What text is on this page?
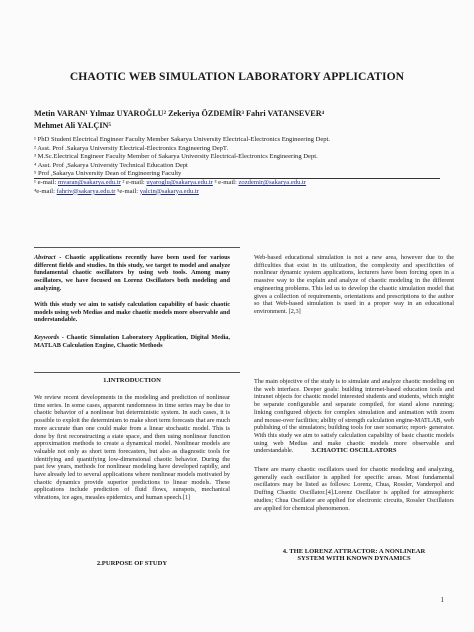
CHAOTIC WEB SIMULATION LABORATORY APPLICATION
Metin VARAN¹ Yılmaz UYAROĞLU² Zekeriya ÖZDEMİR³ Fahri VATANSEVER⁴
Mehmet Ali YALÇIN⁵
¹ PhD Student Electrical Engineer Faculty Member Sakarya University Electrical-Electronics Engineering Dept.
² Asst. Prof .Sakarya University Electrical-Electronics Engineering DepT.
³ M.Sc.Electrical Engineer Faculty Member of Sakarya University Electrical-Electronics Engineering Dept.
⁴ Asst. Prof ,Sakarya University Technical Education Dept
⁵ Prof ,Sakarya University Dean of Engineering Faculty
¹ e-mail: mvaran@sakarya.edu.tr ² e-mail: uyaroglu@sakarya.edu.tr ³ e-mail: zozdemir@sakarya.edu.tr
⁴e-mail: fahriv@sakarya.edu.tr ⁵e-mail: yalcin@sakarya.edu.tr
Abstract - Chaotic applications recently have been used for various different fields and studies. In this study, we target to model and analyze fundamental chaotic oscillators by using web tools. Among many oscillators, we have focused on Lorenz Oscillators both modeling and analyzing.
With this study we aim to satisfy calculation capability of basic chaotic models using web Medias and make chaotic models more observable and understandable.
Keywords - Chaotic Simulation Laboratory Application, Digital Media, MATLAB Calculation Engine, Chaotic Methods
1.INTRODUCTION
We review recent developments in the modeling and prediction of nonlinear time series. In some cases, apparent randomness in time series may be due to chaotic behavior of a nonlinear but deterministic system. In such cases, it is possible to exploit the determinism to make short term forecasts that are much more accurate than one could make from a linear stochastic model. This is done by first reconstructing a state space, and then using nonlinear function approximation methods to create a dynamical model. Nonlinear models are valuable not only as short term forecasters, but also as diagnostic tools for identifying and quantifying low-dimensional chaotic behavior. During the past few years, methods for nonlinear modeling have developed rapidly, and have already led to several applications where nonlinear models motivated by chaotic dynamics provide superior predictions to linear models. These applications include prediction of fluid flows, sunspots, mechanical vibrations, ice ages, measles epidemics, and human speech.[1]
2.PURPOSE OF STUDY
Web-based educational simulation is not a new area, however due to the difficulties that exist in its utilization, the complexity and specificities of nonlinear dynamic system applications, lecturers have been forcing open in a massive way to the explain and analyze of chaotic modeling in the different engineering problems. This led us to develop the chaotic simulation model that gives a collection of requirements, orientations and prescriptions to the author so that Web-based simulation is used in a proper way in an educational environment. [2,3]
The main objective of the study is to simulate and analyze chaotic modeling on the web interface. Deeper goals: building internet-based education tools and intranet objects for chaotic model interested students and students, which might be separate configurable and separate compiled, for stand alone running; linking configured objects for complex simulation and animation with zoom and mouse-over facilities; ability of strength calculation engine-MATLAB, web publishing of the simulators; building tools for user scenario; report- generator. With this study we aim to satisfy calculation capability of basic chaotic models using web Medias and make chaotic models more observable and understandable.	3.CHAOTIC OSCILLATORS
There are many chaotic oscillators used for chaotic modeling and analyzing, generally each oscillator is applied for specific areas. Most fundamental oscillators may be listed as follows: Lorenz, Chua, Rossler, Vanderpol and Duffing Chaotic Oscillator.[4].Lorenz Oscillator is applied for atmospheric studies; Chua Oscillator are applied for electronic circuits, Rossler Oscillators are applied for chemical phenomenon.
4. THE LORENZ ATTRACTOR: A NONLINEAR
SYSTEM WITH KNOWN DYNAMICS
1
